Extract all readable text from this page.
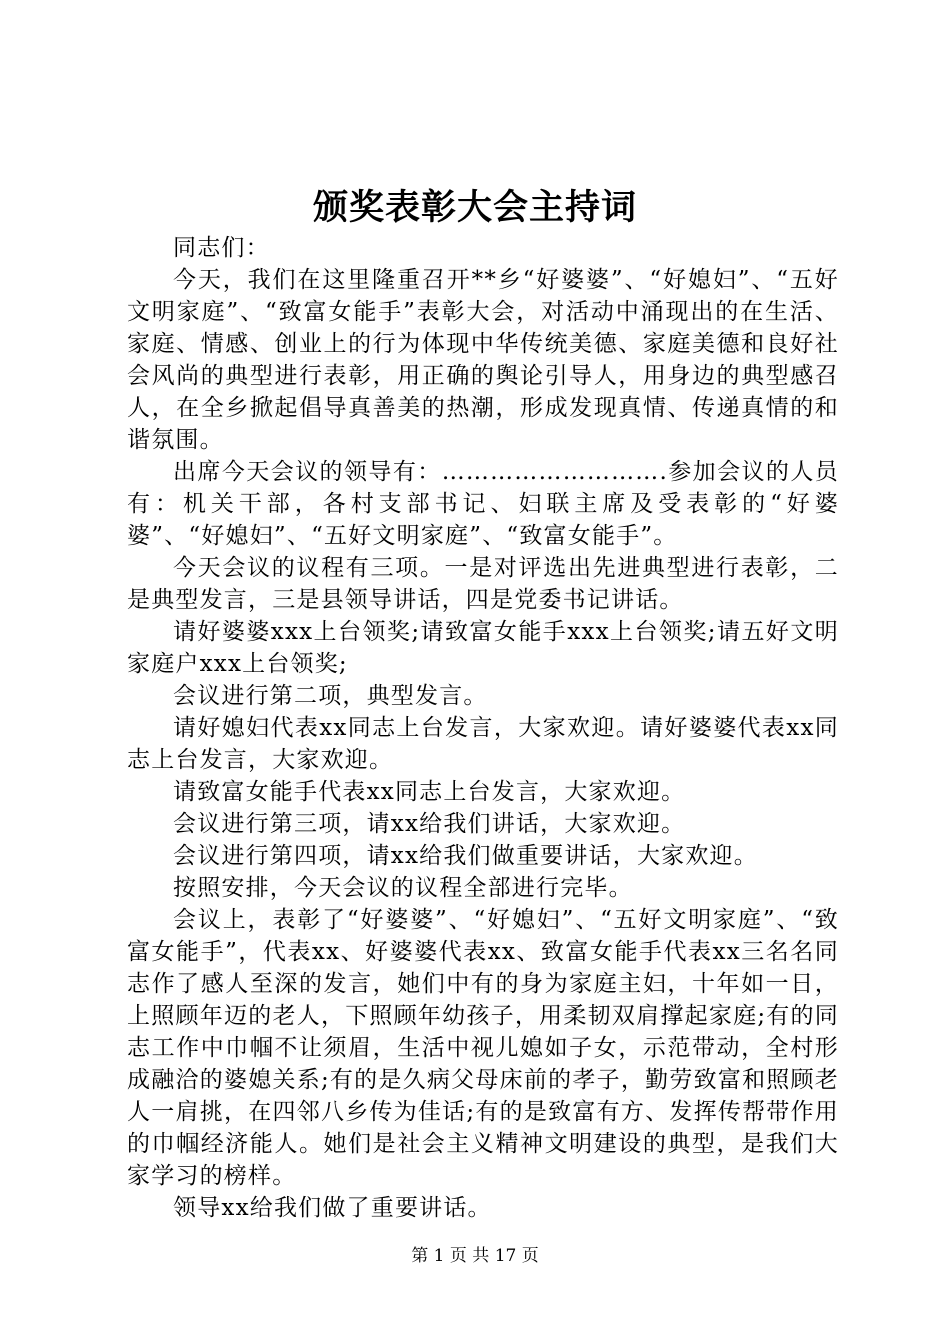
颁奖表彰大会主持词

同志们：

今天，我们在这里隆重召开**乡“好婆婆”、“好媳妇”、“五好文明家庭”、“致富女能手”表彰大会，对活动中涌现出的在生活、家庭、情感、创业上的行为体现中华传统美德、家庭美德和良好社会风尚的典型进行表彰，用正确的舆论引导人，用身边的典型感召人，在全乡掀起倡导真善美的热潮，形成发现真情、传递真情的和谐氛围。

出席今天会议的领导有：……………………….参加会议的人员有：机关干部，各村支部书记、妇联主席及受表彰的“好婆婆”、“好媳妇”、“五好文明家庭”、“致富女能手”。

今天会议的议程有三项。一是对评选出先进典型进行表彰，二是典型发言，三是县领导讲话，四是党委书记讲话。

请好婆婆xxx上台领奖;请致富女能手xxx上台领奖;请五好文明家庭户xxx上台领奖;

会议进行第二项，典型发言。

请好媳妇代表xx同志上台发言，大家欢迎。请好婆婆代表xx同志上台发言，大家欢迎。

请致富女能手代表xx同志上台发言，大家欢迎。

会议进行第三项，请xx给我们讲话，大家欢迎。

会议进行第四项，请xx给我们做重要讲话，大家欢迎。

按照安排，今天会议的议程全部进行完毕。

会议上，表彰了“好婆婆”、“好媳妇”、“五好文明家庭”、“致富女能手”，代表xx、好婆婆代表xx、致富女能手代表xx三名名同志作了感人至深的发言，她们中有的身为家庭主妇，十年如一日，上照顾年迈的老人，下照顾年幼孩子，用柔韧双肩撑起家庭;有的同志工作中巾帼不让须眉，生活中视儿媳如子女，示范带动，全村形成融洽的婆媳关系;有的是久病父母床前的孝子，勤劳致富和照顾老人一肩挑，在四邻八乡传为佳话;有的是致富有方、发挥传帮带作用的巾帼经济能人。她们是社会主义精神文明建设的典型，是我们大家学习的榜样。

领导xx给我们做了重要讲话。

第 1 页 共 17 页
